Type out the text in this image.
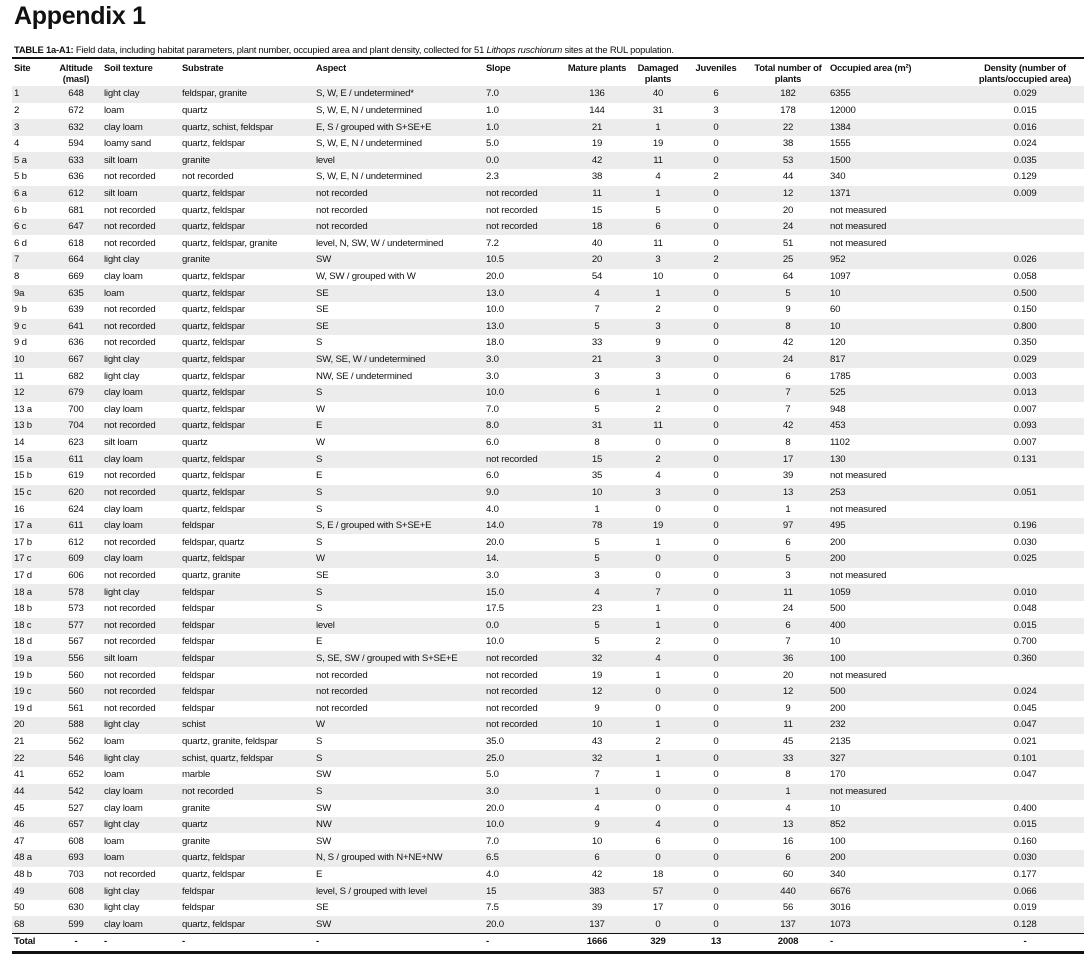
Appendix 1
TABLE 1a-A1: Field data, including habitat parameters, plant number, occupied area and plant density, collected for 51 Lithops ruschiorum sites at the RUL population.
Site	Altitude (masl)	Soil texture	Substrate	Aspect	Slope	Mature plants	Damaged plants	Juveniles	Total number of plants	Occupied area (m²)	Density (number of plants/occupied area)
1	648	light clay	feldspar, granite	S, W, E / undetermined*	7.0	136	40	6	182	6355	0.029
2	672	loam	quartz	S, W, E, N / undetermined	1.0	144	31	3	178	12000	0.015
3	632	clay loam	quartz, schist, feldspar	E, S / grouped with S+SE+E	1.0	21	1	0	22	1384	0.016
4	594	loamy sand	quartz, feldspar	S, W, E, N / undetermined	5.0	19	19	0	38	1555	0.024
5 a	633	silt loam	granite	level	0.0	42	11	0	53	1500	0.035
5 b	636	not recorded	not recorded	S, W, E, N / undetermined	2.3	38	4	2	44	340	0.129
6 a	612	silt loam	quartz, feldspar	not recorded	not recorded	11	1	0	12	1371	0.009
6 b	681	not recorded	quartz, feldspar	not recorded	not recorded	15	5	0	20	not measured	
6 c	647	not recorded	quartz, feldspar	not recorded	not recorded	18	6	0	24	not measured	
6 d	618	not recorded	quartz, feldspar, granite	level, N, SW, W / undetermined	7.2	40	11	0	51	not measured	
7	664	light clay	granite	SW	10.5	20	3	2	25	952	0.026
8	669	clay loam	quartz, feldspar	W, SW / grouped with W	20.0	54	10	0	64	1097	0.058
9a	635	loam	quartz, feldspar	SE	13.0	4	1	0	5	10	0.500
9 b	639	not recorded	quartz, feldspar	SE	10.0	7	2	0	9	60	0.150
9 c	641	not recorded	quartz, feldspar	SE	13.0	5	3	0	8	10	0.800
9 d	636	not recorded	quartz, feldspar	S	18.0	33	9	0	42	120	0.350
10	667	light clay	quartz, feldspar	SW, SE, W / undetermined	3.0	21	3	0	24	817	0.029
11	682	light clay	quartz, feldspar	NW, SE / undetermined	3.0	3	3	0	6	1785	0.003
12	679	clay loam	quartz, feldspar	S	10.0	6	1	0	7	525	0.013
13 a	700	clay loam	quartz, feldspar	W	7.0	5	2	0	7	948	0.007
13 b	704	not recorded	quartz, feldspar	E	8.0	31	11	0	42	453	0.093
14	623	silt loam	quartz	W	6.0	8	0	0	8	1102	0.007
15 a	611	clay loam	quartz, feldspar	S	not recorded	15	2	0	17	130	0.131
15 b	619	not recorded	quartz, feldspar	E	6.0	35	4	0	39	not measured	
15 c	620	not recorded	quartz, feldspar	S	9.0	10	3	0	13	253	0.051
16	624	clay loam	quartz, feldspar	S	4.0	1	0	0	1	not measured	
17 a	611	clay loam	feldspar	S, E / grouped with S+SE+E	14.0	78	19	0	97	495	0.196
17 b	612	not recorded	feldspar, quartz	S	20.0	5	1	0	6	200	0.030
17 c	609	clay loam	quartz, feldspar	W	14.	5	0	0	5	200	0.025
17 d	606	not recorded	quartz, granite	SE	3.0	3	0	0	3	not measured	
18 a	578	light clay	feldspar	S	15.0	4	7	0	11	1059	0.010
18 b	573	not recorded	feldspar	S	17.5	23	1	0	24	500	0.048
18 c	577	not recorded	feldspar	level	0.0	5	1	0	6	400	0.015
18 d	567	not recorded	feldspar	E	10.0	5	2	0	7	10	0.700
19 a	556	silt loam	feldspar	S, SE, SW / grouped with S+SE+E	not recorded	32	4	0	36	100	0.360
19 b	560	not recorded	feldspar	not recorded	not recorded	19	1	0	20	not measured	
19 c	560	not recorded	feldspar	not recorded	not recorded	12	0	0	12	500	0.024
19 d	561	not recorded	feldspar	not recorded	not recorded	9	0	0	9	200	0.045
20	588	light clay	schist	W	not recorded	10	1	0	11	232	0.047
21	562	loam	quartz, granite, feldspar	S	35.0	43	2	0	45	2135	0.021
22	546	light clay	schist, quartz, feldspar	S	25.0	32	1	0	33	327	0.101
41	652	loam	marble	SW	5.0	7	1	0	8	170	0.047
44	542	clay loam	not recorded	S	3.0	1	0	0	1	not measured	
45	527	clay loam	granite	SW	20.0	4	0	0	4	10	0.400
46	657	light clay	quartz	NW	10.0	9	4	0	13	852	0.015
47	608	loam	granite	SW	7.0	10	6	0	16	100	0.160
48 a	693	loam	quartz, feldspar	N, S / grouped with N+NE+NW	6.5	6	0	0	6	200	0.030
48 b	703	not recorded	quartz, feldspar	E	4.0	42	18	0	60	340	0.177
49	608	light clay	feldspar	level, S / grouped with level	15	383	57	0	440	6676	0.066
50	630	light clay	feldspar	SE	7.5	39	17	0	56	3016	0.019
68	599	clay loam	quartz, feldspar	SW	20.0	137	0	0	137	1073	0.128
Total	-	-	-	-	-	1666	329	13	2008	-	-
